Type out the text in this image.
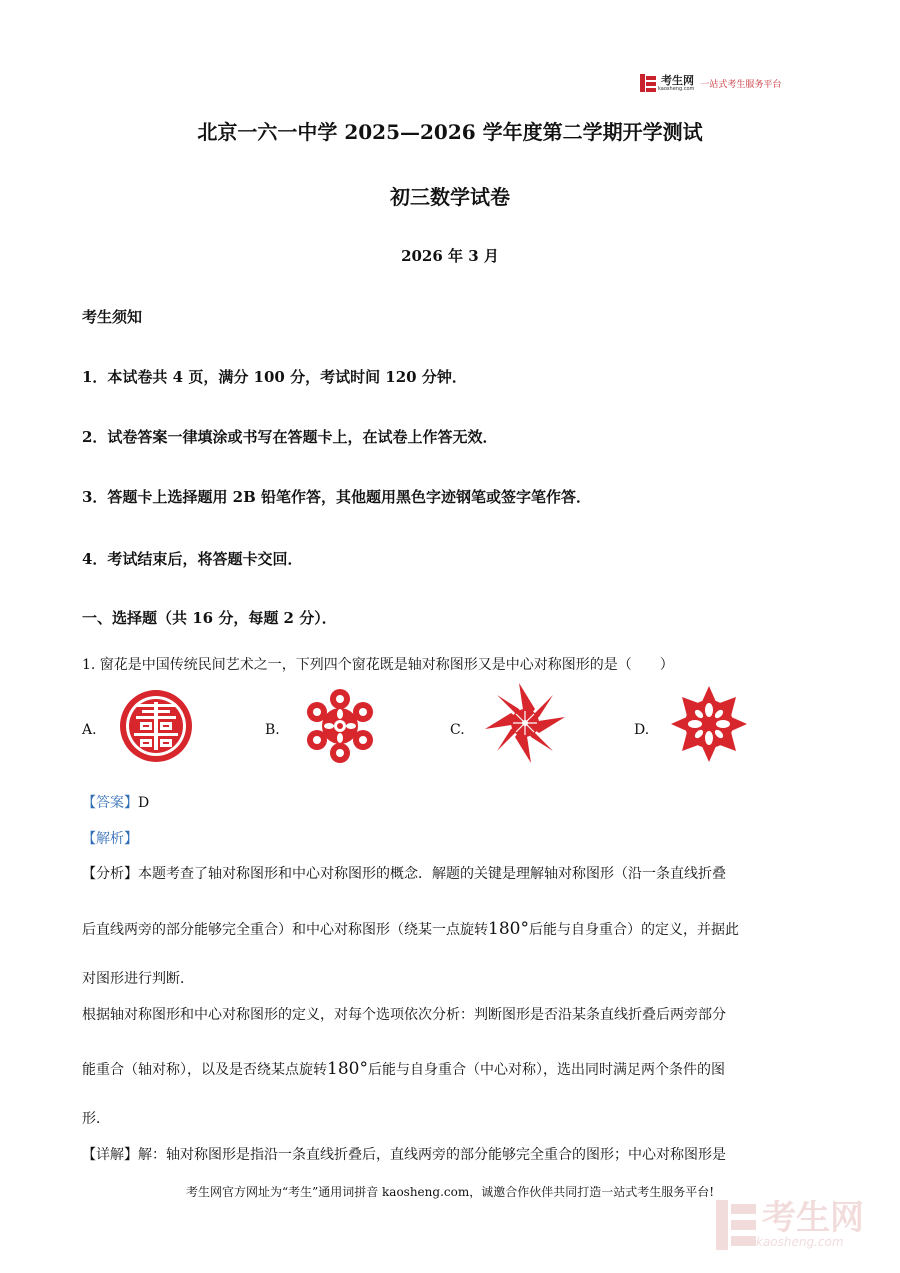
考生网
kaosheng.com 一站式考生服务平台
北京一六一中学 2025—2026 学年度第二学期开学测试
初三数学试卷
2026 年 3 月
考生须知
1．本试卷共 4 页，满分 100 分，考试时间 120 分钟．
2．试卷答案一律填涂或书写在答题卡上，在试卷上作答无效．
3．答题卡上选择题用 2B 铅笔作答，其他题用黑色字迹钢笔或签字笔作答．
4．考试结束后，将答题卡交回．
一、选择题（共 16 分，每题 2 分）．
1. 窗花是中国传统民间艺术之一，下列四个窗花既是轴对称图形又是中心对称图形的是（　　）
A.	B.	C.	D.
【答案】D
【解析】
【分析】本题考查了轴对称图形和中心对称图形的概念．解题的关键是理解轴对称图形（沿一条直线折叠
后直线两旁的部分能够完全重合）和中心对称图形（绕某一点旋转180°后能与自身重合）的定义，并据此
对图形进行判断．
根据轴对称图形和中心对称图形的定义，对每个选项依次分析：判断图形是否沿某条直线折叠后两旁部分
能重合（轴对称），以及是否绕某点旋转180°后能与自身重合（中心对称），选出同时满足两个条件的图
形．
【详解】解：轴对称图形是指沿一条直线折叠后，直线两旁的部分能够完全重合的图形；中心对称图形是
考生网官方网址为“考生”通用词拼音 kaosheng.com，诚邀合作伙伴共同打造一站式考生服务平台!
考生网
kaosheng.com
